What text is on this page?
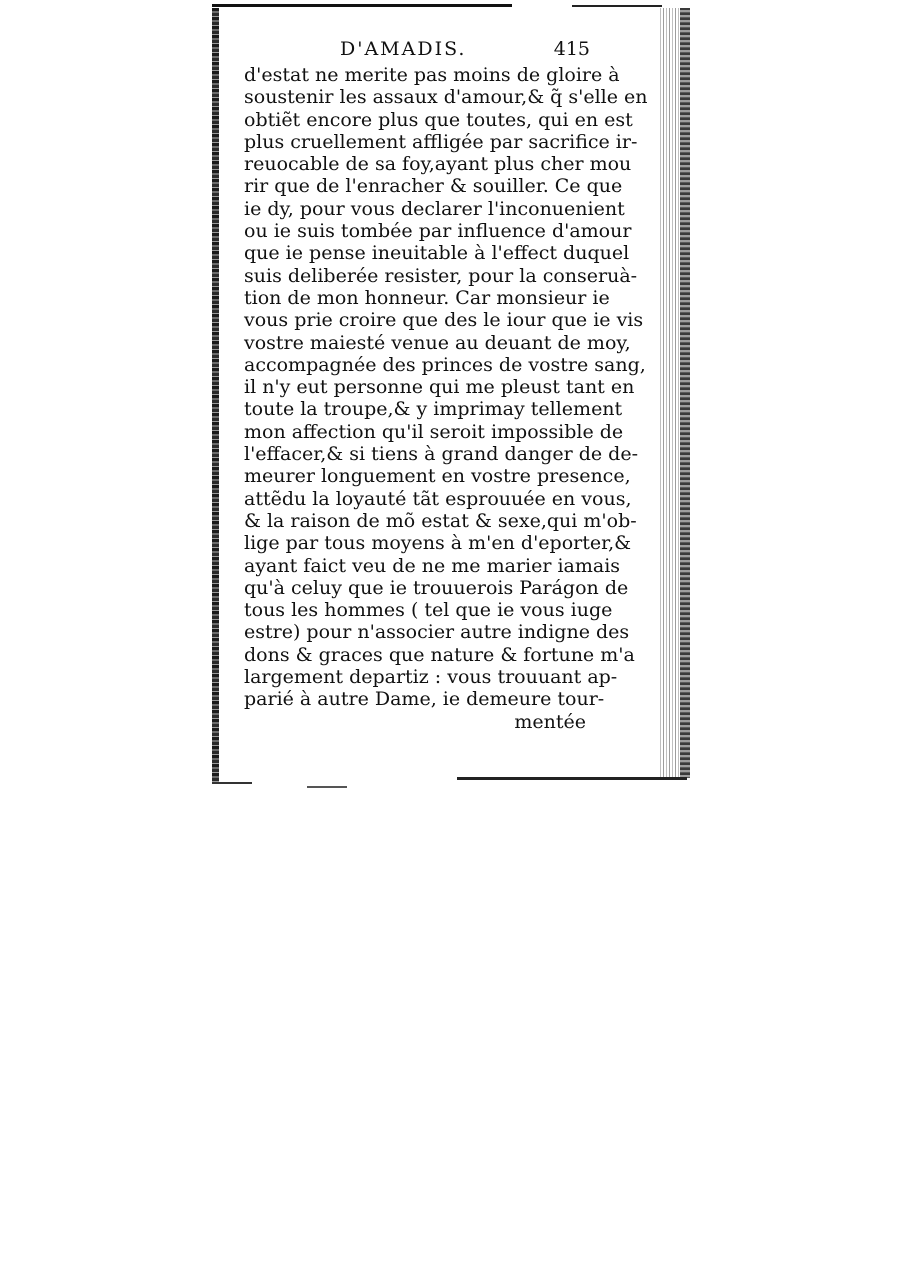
D'AMADIS.	415
d'estat ne merite pas moins de gloire à
soustenir les assaux d'amour,& q̃ s'elle en
obtiẽt encore plus que toutes, qui en est
plus cruellement affligée par sacrifice ir-
reuocable de sa foy,ayant plus cher mou
rir que de l'enracher & souiller. Ce que
ie dy, pour vous declarer l'inconuenient
ou ie suis tombée par influence d'amour
que ie pense ineuitable à l'effect duquel
suis deliberée resister, pour la conseruà-
tion de mon honneur. Car monsieur ie
vous prie croire que des le iour que ie vis
vostre maiesté venue au deuant de moy,
accompagnée des princes de vostre sang,
il n'y eut personne qui me pleust tant en
toute la troupe,& y imprimay tellement
mon affection qu'il seroit impossible de
l'effacer,& si tiens à grand danger de de-
meurer longuement en vostre presence,
attẽdu la loyauté tãt esprouuée en vous,
& la raison de mõ estat & sexe,qui m'ob-
lige par tous moyens à m'en d'eporter,&
ayant faict veu de ne me marier iamais
qu'à celuy que ie trouuerois Parágon de
tous les hommes ( tel que ie vous iuge
estre) pour n'associer autre indigne des
dons & graces que nature & fortune m'a
largement departiz : vous trouuant ap-
parié à autre Dame, ie demeure tour-
mentée
